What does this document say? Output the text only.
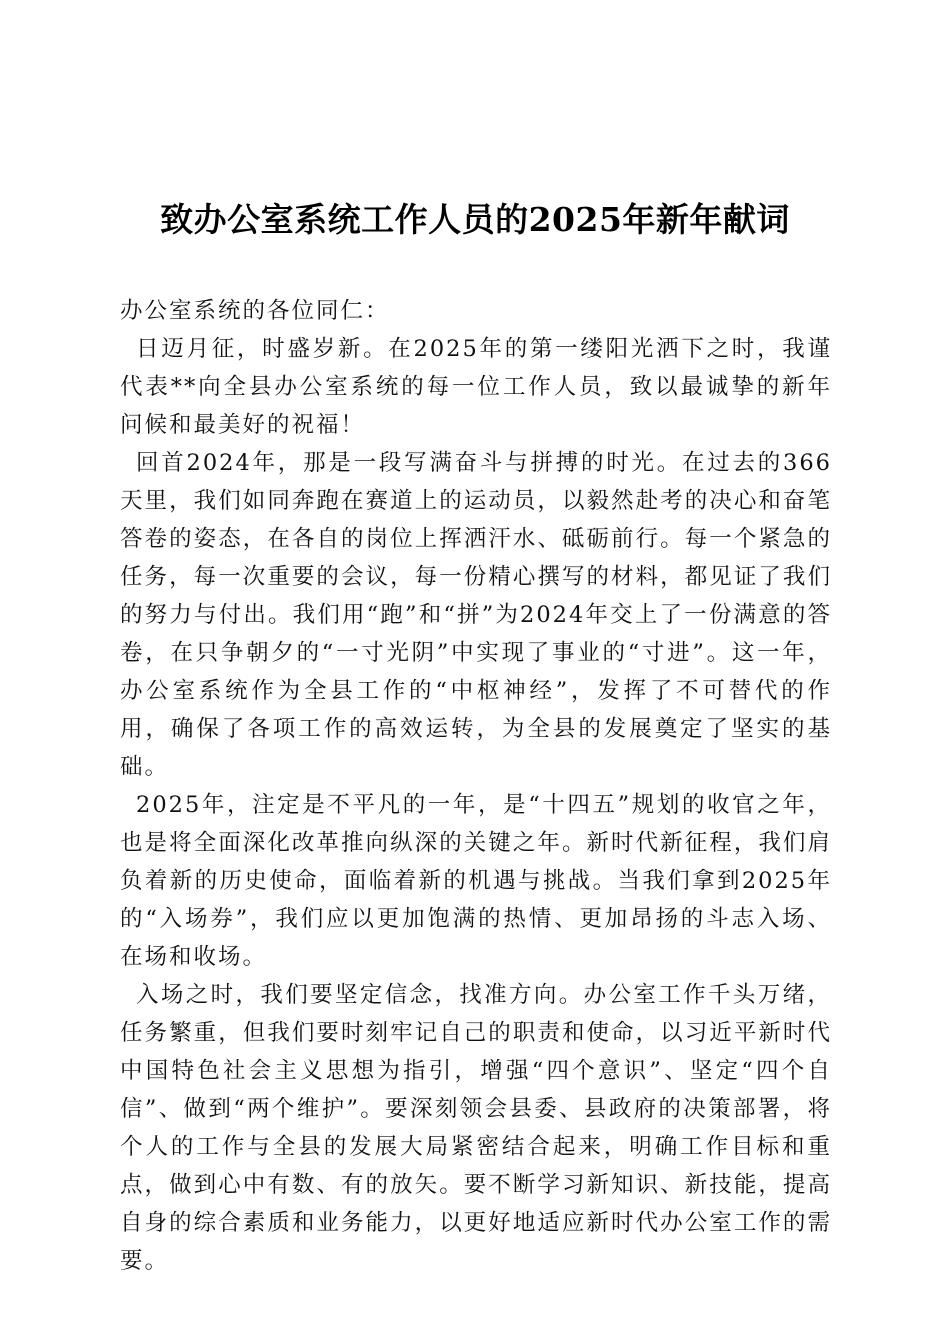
致办公室系统工作人员的2025年新年献词

办公室系统的各位同仁：

日迈月征，时盛岁新。在2025年的第一缕阳光洒下之时，我谨代表**向全县办公室系统的每一位工作人员，致以最诚挚的新年问候和最美好的祝福！

回首2024年，那是一段写满奋斗与拼搏的时光。在过去的366天里，我们如同奔跑在赛道上的运动员，以毅然赴考的决心和奋笔答卷的姿态，在各自的岗位上挥洒汗水、砥砺前行。每一个紧急的任务，每一次重要的会议，每一份精心撰写的材料，都见证了我们的努力与付出。我们用“跑”和“拼”为2024年交上了一份满意的答卷，在只争朝夕的“一寸光阴”中实现了事业的“寸进”。这一年，办公室系统作为全县工作的“中枢神经”，发挥了不可替代的作用，确保了各项工作的高效运转，为全县的发展奠定了坚实的基础。

2025年，注定是不平凡的一年，是“十四五”规划的收官之年，也是将全面深化改革推向纵深的关键之年。新时代新征程，我们肩负着新的历史使命，面临着新的机遇与挑战。当我们拿到2025年的“入场券”，我们应以更加饱满的热情、更加昂扬的斗志入场、在场和收场。

入场之时，我们要坚定信念，找准方向。办公室工作千头万绪，任务繁重，但我们要时刻牢记自己的职责和使命，以习近平新时代中国特色社会主义思想为指引，增强“四个意识”、坚定“四个自信”、做到“两个维护”。要深刻领会县委、县政府的决策部署，将个人的工作与全县的发展大局紧密结合起来，明确工作目标和重点，做到心中有数、有的放矢。要不断学习新知识、新技能，提高自身的综合素质和业务能力，以更好地适应新时代办公室工作的需要。
